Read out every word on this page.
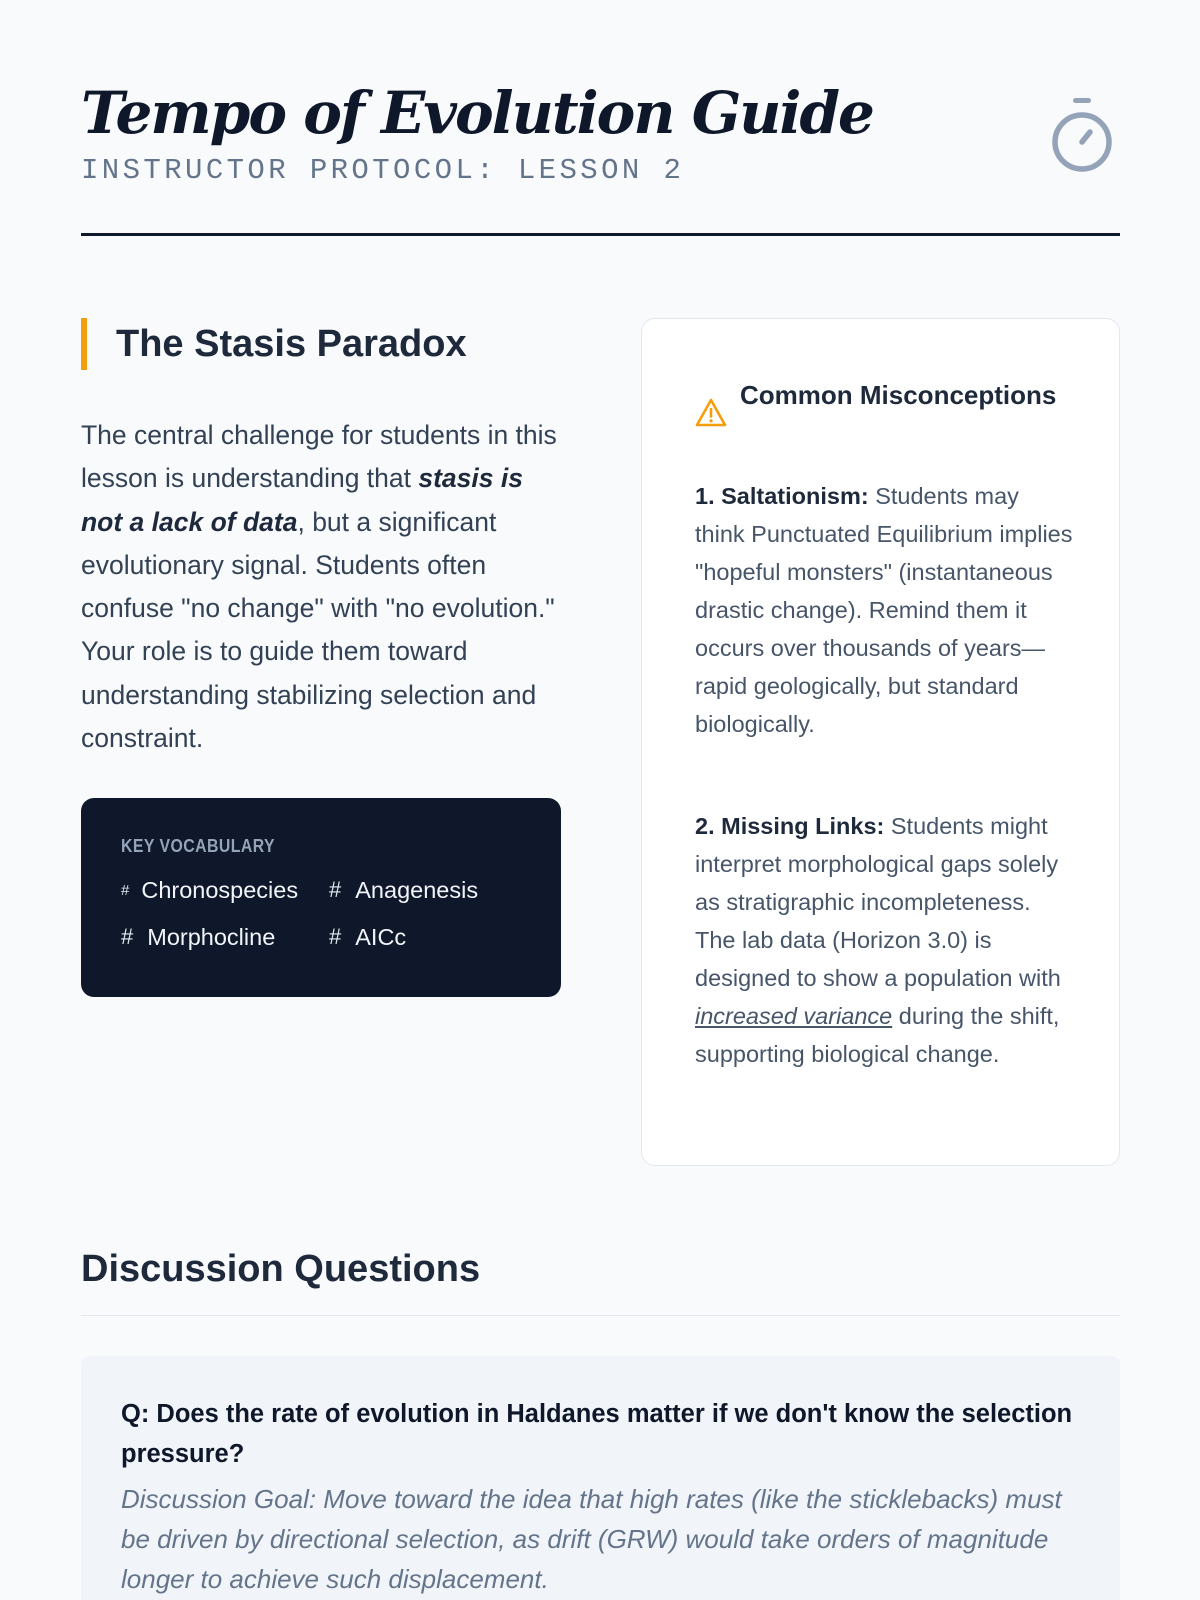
Tempo of Evolution Guide
INSTRUCTOR PROTOCOL: LESSON 2
The Stasis Paradox

The central challenge for students in this lesson is understanding that stasis is not a lack of data, but a significant evolutionary signal. Students often confuse "no change" with "no evolution." Your role is to guide them toward understanding stabilizing selection and constraint.

KEY VOCABULARY
# Chronospecies # Anagenesis
# Morphocline # AICc
Common Misconceptions

1. Saltationism: Students may think Punctuated Equilibrium implies "hopeful monsters" (instantaneous drastic change). Remind them it occurs over thousands of years—rapid geologically, but standard biologically.

2. Missing Links: Students might interpret morphological gaps solely as stratigraphic incompleteness. The lab data (Horizon 3.0) is designed to show a population with increased variance during the shift, supporting biological change.

Discussion Questions
Q: Does the rate of evolution in Haldanes matter if we don't know the selection pressure?
Discussion Goal: Move toward the idea that high rates (like the sticklebacks) must be driven by directional selection, as drift (GRW) would take orders of magnitude longer to achieve such displacement.
